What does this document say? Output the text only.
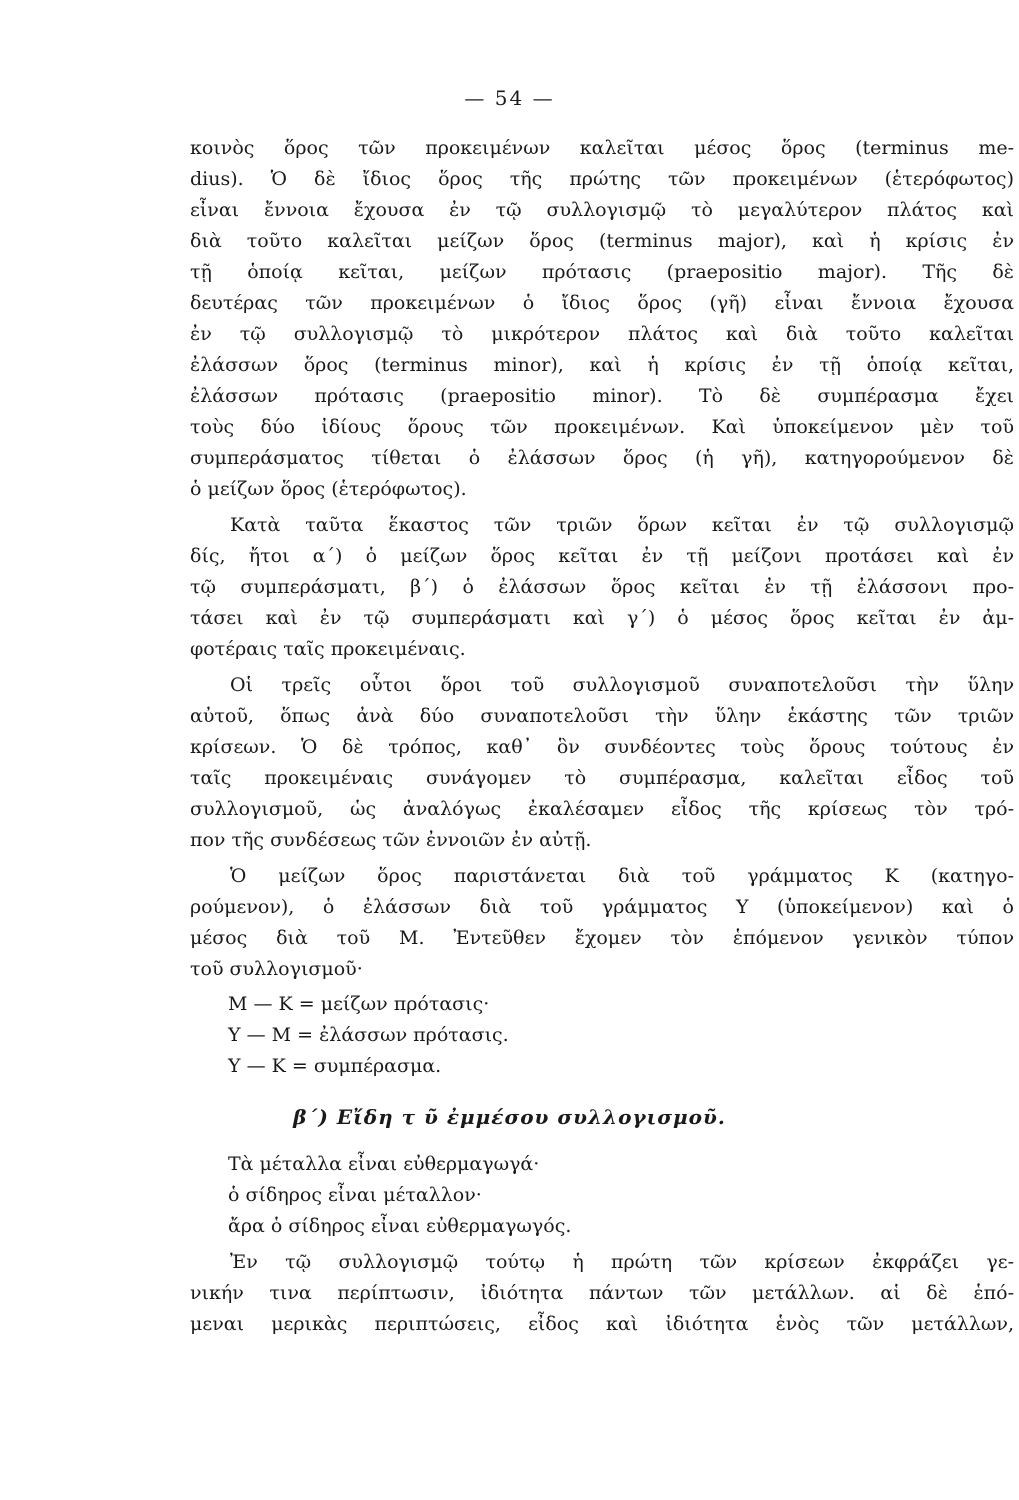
— 54 —
κοινὸς ὅρος τῶν προκειμένων καλεῖται μέσος ὅρος (terminus me-
dius). Ὁ δὲ ἴδιος ὅρος τῆς πρώτης τῶν προκειμένων (ἑτερόφωτος)
εἶναι ἔννοια ἔχουσα ἐν τῷ συλλογισμῷ τὸ μεγαλύτερον πλάτος καὶ
διὰ τοῦτο καλεῖται μείζων ὅρος (terminus major), καὶ ἡ κρίσις ἐν
τῇ ὁποίᾳ κεῖται, μείζων πρότασις (praepositio major). Τῆς δὲ
δευτέρας τῶν προκειμένων ὁ ἴδιος ὅρος (γῆ) εἶναι ἔννοια ἔχουσα
ἐν τῷ συλλογισμῷ τὸ μικρότερον πλάτος καὶ διὰ τοῦτο καλεῖται
ἐλάσσων ὅρος (terminus minor), καὶ ἡ κρίσις ἐν τῇ ὁποίᾳ κεῖται,
ἐλάσσων πρότασις (praepositio minor). Τὸ δὲ συμπέρασμα ἔχει
τοὺς δύο ἰδίους ὅρους τῶν προκειμένων. Καὶ ὑποκείμενον μὲν τοῦ
συμπεράσματος τίθεται ὁ ἐλάσσων ὅρος (ἡ γῆ), κατηγορούμενον δὲ
ὁ μείζων ὅρος (ἑτερόφωτος).
Κατὰ ταῦτα ἕκαστος τῶν τριῶν ὅρων κεῖται ἐν τῷ συλλογισμῷ
δίς, ἤτοι α΄) ὁ μείζων ὅρος κεῖται ἐν τῇ μείζονι προτάσει καὶ ἐν
τῷ συμπεράσματι, β΄) ὁ ἐλάσσων ὅρος κεῖται ἐν τῇ ἐλάσσονι προ-
τάσει καὶ ἐν τῷ συμπεράσματι καὶ γ΄) ὁ μέσος ὅρος κεῖται ἐν ἀμ-
φοτέραις ταῖς προκειμέναις.
Οἱ τρεῖς οὗτοι ὅροι τοῦ συλλογισμοῦ συναποτελοῦσι τὴν ὕλην
αὐτοῦ, ὅπως ἀνὰ δύο συναποτελοῦσι τὴν ὕλην ἑκάστης τῶν τριῶν
κρίσεων. Ὁ δὲ τρόπος, καθ᾽ ὃν συνδέοντες τοὺς ὅρους τούτους ἐν
ταῖς προκειμέναις συνάγομεν τὸ συμπέρασμα, καλεῖται εἶδος τοῦ
συλλογισμοῦ, ὡς ἀναλόγως ἐκαλέσαμεν εἶδος τῆς κρίσεως τὸν τρό-
πον τῆς συνδέσεως τῶν ἐννοιῶν ἐν αὐτῇ.
Ὁ μείζων ὅρος παριστάνεται διὰ τοῦ γράμματος Κ (κατηγο-
ρούμενον), ὁ ἐλάσσων διὰ τοῦ γράμματος Υ (ὑποκείμενον) καὶ ὁ
μέσος διὰ τοῦ Μ. Ἐντεῦθεν ἔχομεν τὸν ἑπόμενον γενικὸν τύπον
τοῦ συλλογισμοῦ·
Μ — Κ = μείζων πρότασις·
Υ — Μ = ἐλάσσων πρότασις.
Υ — Κ = συμπέρασμα.
β΄) Εἴδη τ ῦ ἐμμέσου συλλογισμοῦ.
Τὰ μέταλλα εἶναι εὐθερμαγωγά·
ὁ σίδηρος εἶναι μέταλλον·
ἄρα ὁ σίδηρος εἶναι εὐθερμαγωγός.
Ἐν τῷ συλλογισμῷ τούτῳ ἡ πρώτη τῶν κρίσεων ἐκφράζει γε-
νικήν τινα περίπτωσιν, ἰδιότητα πάντων τῶν μετάλλων. αἱ δὲ ἑπό-
μεναι μερικὰς περιπτώσεις, εἶδος καὶ ἰδιότητα ἑνὸς τῶν μετάλλων,
